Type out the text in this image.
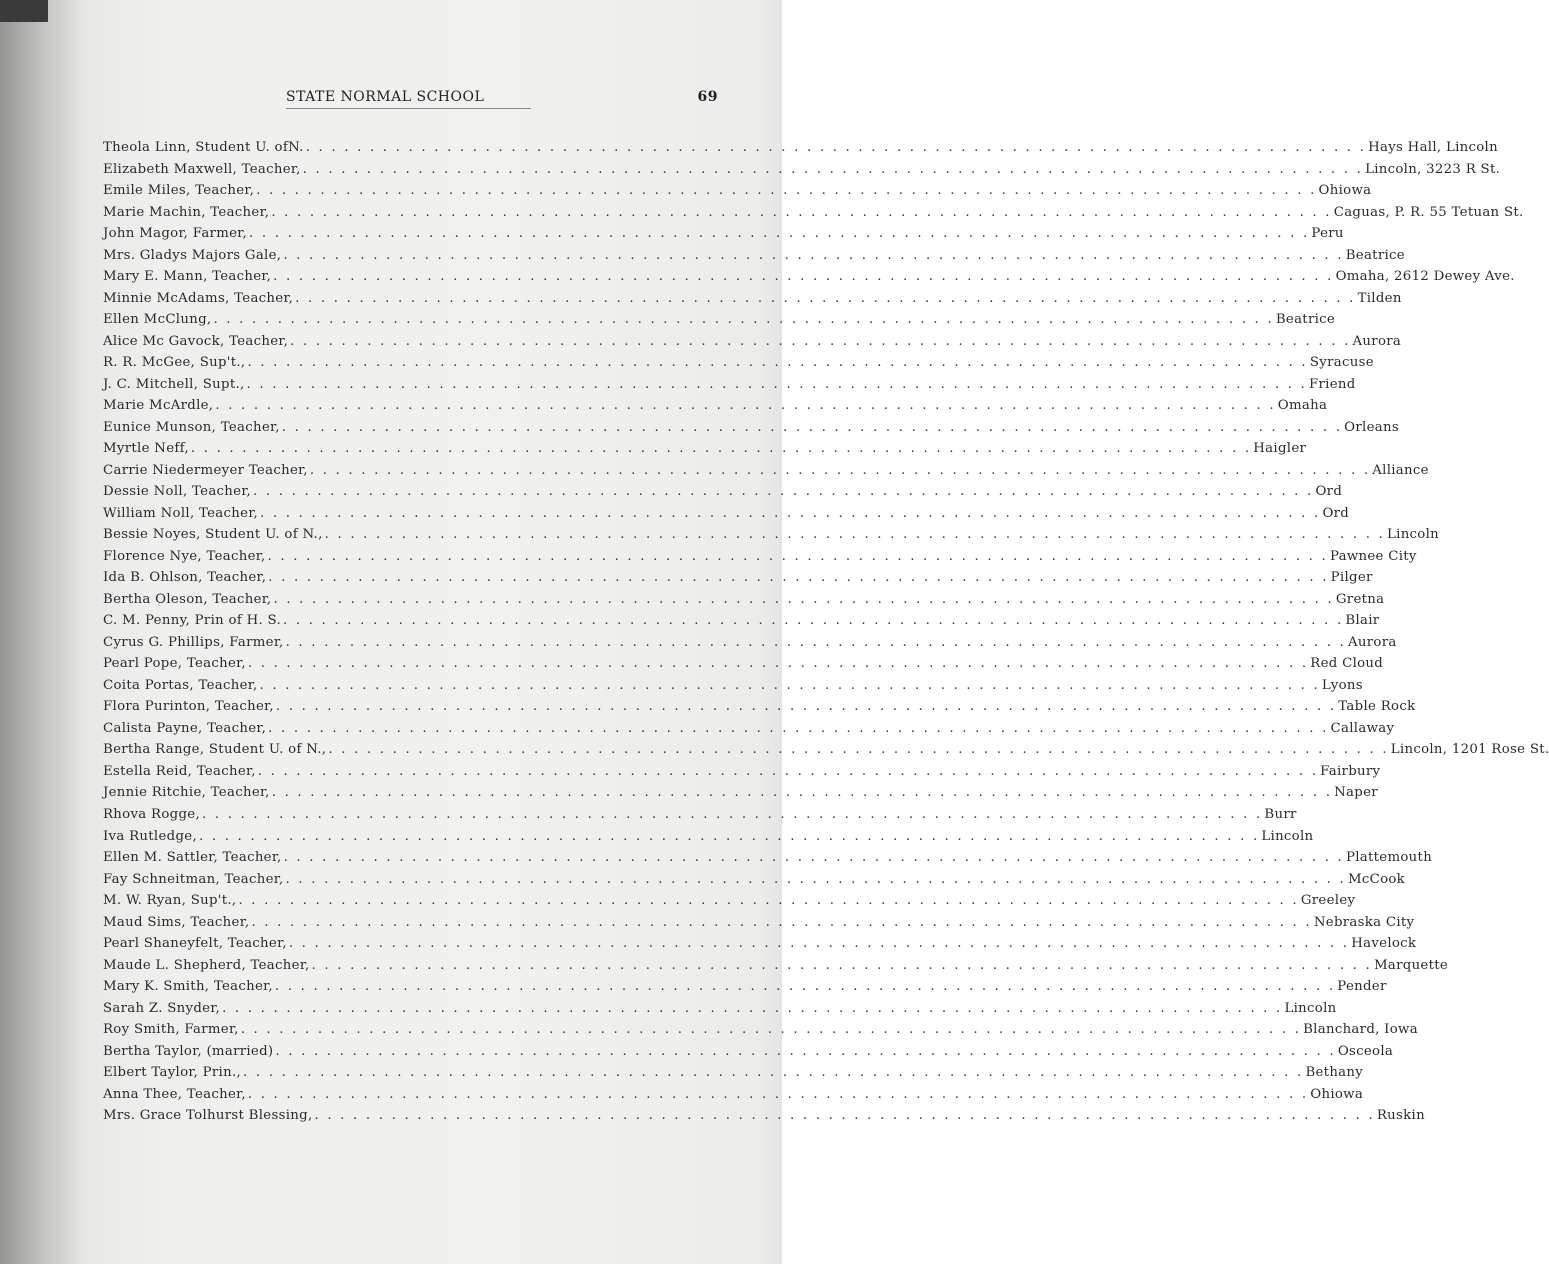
STATE NORMAL SCHOOL	69
Theola Linn, Student U. ofN. . . . . . . . . . . . . . . . . . . . . . . . . . . . . . . . . . . . . . . . . . . . . . . . . . . . . . . . . . . . . . . . . . . . . . . . . . . . . . . . . . . . Hays Hall, Lincoln
Elizabeth Maxwell, Teacher, . . . . . . . . . . . . . . . . . . . . . . . . . . . . . . . . . . . . . . . . . . . . . . . . . . . . . . . . . . . . . . . . . . . . . . . . . . . . . . . . . . . Lincoln, 3223 R St.
Emile Miles, Teacher, . . . . . . . . . . . . . . . . . . . . . . . . . . . . . . . . . . . . . . . . . . . . . . . . . . . . . . . . . . . . . . . . . . . . . . . . . . . . . . . . . . . Ohiowa
Marie Machin, Teacher, . . . . . . . . . . . . . . . . . . . . . . . . . . . . . . . . . . . . . . . . . . . . . . . . . . . . . . . . . . . . . . . . . . . . . . . . . . . . . . . . . . . Caguas, P. R. 55 Tetuan St.
John Magor, Farmer, . . . . . . . . . . . . . . . . . . . . . . . . . . . . . . . . . . . . . . . . . . . . . . . . . . . . . . . . . . . . . . . . . . . . . . . . . . . . . . . . . . . Peru
Mrs. Gladys Majors Gale, . . . . . . . . . . . . . . . . . . . . . . . . . . . . . . . . . . . . . . . . . . . . . . . . . . . . . . . . . . . . . . . . . . . . . . . . . . . . . . . . . . . Beatrice
Mary E. Mann, Teacher, . . . . . . . . . . . . . . . . . . . . . . . . . . . . . . . . . . . . . . . . . . . . . . . . . . . . . . . . . . . . . . . . . . . . . . . . . . . . . . . . . . . Omaha, 2612 Dewey Ave.
Minnie McAdams, Teacher, . . . . . . . . . . . . . . . . . . . . . . . . . . . . . . . . . . . . . . . . . . . . . . . . . . . . . . . . . . . . . . . . . . . . . . . . . . . . . . . . . . . Tilden
Ellen McClung, . . . . . . . . . . . . . . . . . . . . . . . . . . . . . . . . . . . . . . . . . . . . . . . . . . . . . . . . . . . . . . . . . . . . . . . . . . . . . . . . . . . Beatrice
Alice Mc Gavock, Teacher, . . . . . . . . . . . . . . . . . . . . . . . . . . . . . . . . . . . . . . . . . . . . . . . . . . . . . . . . . . . . . . . . . . . . . . . . . . . . . . . . . . . Aurora
R. R. McGee, Sup't., . . . . . . . . . . . . . . . . . . . . . . . . . . . . . . . . . . . . . . . . . . . . . . . . . . . . . . . . . . . . . . . . . . . . . . . . . . . . . . . . . . . Syracuse
J. C. Mitchell, Supt., . . . . . . . . . . . . . . . . . . . . . . . . . . . . . . . . . . . . . . . . . . . . . . . . . . . . . . . . . . . . . . . . . . . . . . . . . . . . . . . . . . . Friend
Marie McArdle, . . . . . . . . . . . . . . . . . . . . . . . . . . . . . . . . . . . . . . . . . . . . . . . . . . . . . . . . . . . . . . . . . . . . . . . . . . . . . . . . . . . Omaha
Eunice Munson, Teacher, . . . . . . . . . . . . . . . . . . . . . . . . . . . . . . . . . . . . . . . . . . . . . . . . . . . . . . . . . . . . . . . . . . . . . . . . . . . . . . . . . . . Orleans
Myrtle Neff, . . . . . . . . . . . . . . . . . . . . . . . . . . . . . . . . . . . . . . . . . . . . . . . . . . . . . . . . . . . . . . . . . . . . . . . . . . . . . . . . . . . Haigler
Carrie Niedermeyer Teacher, . . . . . . . . . . . . . . . . . . . . . . . . . . . . . . . . . . . . . . . . . . . . . . . . . . . . . . . . . . . . . . . . . . . . . . . . . . . . . . . . . . . Alliance
Dessie Noll, Teacher, . . . . . . . . . . . . . . . . . . . . . . . . . . . . . . . . . . . . . . . . . . . . . . . . . . . . . . . . . . . . . . . . . . . . . . . . . . . . . . . . . . . Ord
William Noll, Teacher, . . . . . . . . . . . . . . . . . . . . . . . . . . . . . . . . . . . . . . . . . . . . . . . . . . . . . . . . . . . . . . . . . . . . . . . . . . . . . . . . . . . Ord
Bessie Noyes, Student U. of N., . . . . . . . . . . . . . . . . . . . . . . . . . . . . . . . . . . . . . . . . . . . . . . . . . . . . . . . . . . . . . . . . . . . . . . . . . . . . . . . . . . . Lincoln
Florence Nye, Teacher, . . . . . . . . . . . . . . . . . . . . . . . . . . . . . . . . . . . . . . . . . . . . . . . . . . . . . . . . . . . . . . . . . . . . . . . . . . . . . . . . . . . Pawnee City
Ida B. Ohlson, Teacher, . . . . . . . . . . . . . . . . . . . . . . . . . . . . . . . . . . . . . . . . . . . . . . . . . . . . . . . . . . . . . . . . . . . . . . . . . . . . . . . . . . . Pilger
Bertha Oleson, Teacher, . . . . . . . . . . . . . . . . . . . . . . . . . . . . . . . . . . . . . . . . . . . . . . . . . . . . . . . . . . . . . . . . . . . . . . . . . . . . . . . . . . . Gretna
C. M. Penny, Prin of H. S. . . . . . . . . . . . . . . . . . . . . . . . . . . . . . . . . . . . . . . . . . . . . . . . . . . . . . . . . . . . . . . . . . . . . . . . . . . . . . . . . . . . Blair
Cyrus G. Phillips, Farmer, . . . . . . . . . . . . . . . . . . . . . . . . . . . . . . . . . . . . . . . . . . . . . . . . . . . . . . . . . . . . . . . . . . . . . . . . . . . . . . . . . . . Aurora
Pearl Pope, Teacher, . . . . . . . . . . . . . . . . . . . . . . . . . . . . . . . . . . . . . . . . . . . . . . . . . . . . . . . . . . . . . . . . . . . . . . . . . . . . . . . . . . . Red Cloud
Coita Portas, Teacher, . . . . . . . . . . . . . . . . . . . . . . . . . . . . . . . . . . . . . . . . . . . . . . . . . . . . . . . . . . . . . . . . . . . . . . . . . . . . . . . . . . . Lyons
Flora Purinton, Teacher, . . . . . . . . . . . . . . . . . . . . . . . . . . . . . . . . . . . . . . . . . . . . . . . . . . . . . . . . . . . . . . . . . . . . . . . . . . . . . . . . . . . Table Rock
Calista Payne, Teacher, . . . . . . . . . . . . . . . . . . . . . . . . . . . . . . . . . . . . . . . . . . . . . . . . . . . . . . . . . . . . . . . . . . . . . . . . . . . . . . . . . . . Callaway
Bertha Range, Student U. of N., . . . . . . . . . . . . . . . . . . . . . . . . . . . . . . . . . . . . . . . . . . . . . . . . . . . . . . . . . . . . . . . . . . . . . . . . . . . . . . . . . . . Lincoln, 1201 Rose St.
Estella Reid, Teacher, . . . . . . . . . . . . . . . . . . . . . . . . . . . . . . . . . . . . . . . . . . . . . . . . . . . . . . . . . . . . . . . . . . . . . . . . . . . . . . . . . . . Fairbury
Jennie Ritchie, Teacher, . . . . . . . . . . . . . . . . . . . . . . . . . . . . . . . . . . . . . . . . . . . . . . . . . . . . . . . . . . . . . . . . . . . . . . . . . . . . . . . . . . . Naper
Rhova Rogge, . . . . . . . . . . . . . . . . . . . . . . . . . . . . . . . . . . . . . . . . . . . . . . . . . . . . . . . . . . . . . . . . . . . . . . . . . . . . . . . . . . . Burr
Iva Rutledge, . . . . . . . . . . . . . . . . . . . . . . . . . . . . . . . . . . . . . . . . . . . . . . . . . . . . . . . . . . . . . . . . . . . . . . . . . . . . . . . . . . . Lincoln
Ellen M. Sattler, Teacher, . . . . . . . . . . . . . . . . . . . . . . . . . . . . . . . . . . . . . . . . . . . . . . . . . . . . . . . . . . . . . . . . . . . . . . . . . . . . . . . . . . . Plattemouth
Fay Schneitman, Teacher, . . . . . . . . . . . . . . . . . . . . . . . . . . . . . . . . . . . . . . . . . . . . . . . . . . . . . . . . . . . . . . . . . . . . . . . . . . . . . . . . . . . McCook
M. W. Ryan, Sup't., . . . . . . . . . . . . . . . . . . . . . . . . . . . . . . . . . . . . . . . . . . . . . . . . . . . . . . . . . . . . . . . . . . . . . . . . . . . . . . . . . . . Greeley
Maud Sims, Teacher, . . . . . . . . . . . . . . . . . . . . . . . . . . . . . . . . . . . . . . . . . . . . . . . . . . . . . . . . . . . . . . . . . . . . . . . . . . . . . . . . . . . Nebraska City
Pearl Shaneyfelt, Teacher, . . . . . . . . . . . . . . . . . . . . . . . . . . . . . . . . . . . . . . . . . . . . . . . . . . . . . . . . . . . . . . . . . . . . . . . . . . . . . . . . . . . Havelock
Maude L. Shepherd, Teacher, . . . . . . . . . . . . . . . . . . . . . . . . . . . . . . . . . . . . . . . . . . . . . . . . . . . . . . . . . . . . . . . . . . . . . . . . . . . . . . . . . . . Marquette
Mary K. Smith, Teacher, . . . . . . . . . . . . . . . . . . . . . . . . . . . . . . . . . . . . . . . . . . . . . . . . . . . . . . . . . . . . . . . . . . . . . . . . . . . . . . . . . . . Pender
Sarah Z. Snyder, . . . . . . . . . . . . . . . . . . . . . . . . . . . . . . . . . . . . . . . . . . . . . . . . . . . . . . . . . . . . . . . . . . . . . . . . . . . . . . . . . . . Lincoln
Roy Smith, Farmer, . . . . . . . . . . . . . . . . . . . . . . . . . . . . . . . . . . . . . . . . . . . . . . . . . . . . . . . . . . . . . . . . . . . . . . . . . . . . . . . . . . . Blanchard, Iowa
Bertha Taylor, (married) . . . . . . . . . . . . . . . . . . . . . . . . . . . . . . . . . . . . . . . . . . . . . . . . . . . . . . . . . . . . . . . . . . . . . . . . . . . . . . . . . . . Osceola
Elbert Taylor, Prin., . . . . . . . . . . . . . . . . . . . . . . . . . . . . . . . . . . . . . . . . . . . . . . . . . . . . . . . . . . . . . . . . . . . . . . . . . . . . . . . . . . . Bethany
Anna Thee, Teacher, . . . . . . . . . . . . . . . . . . . . . . . . . . . . . . . . . . . . . . . . . . . . . . . . . . . . . . . . . . . . . . . . . . . . . . . . . . . . . . . . . . . Ohiowa
Mrs. Grace Tolhurst Blessing, . . . . . . . . . . . . . . . . . . . . . . . . . . . . . . . . . . . . . . . . . . . . . . . . . . . . . . . . . . . . . . . . . . . . . . . . . . . . . . . . . . . Ruskin
